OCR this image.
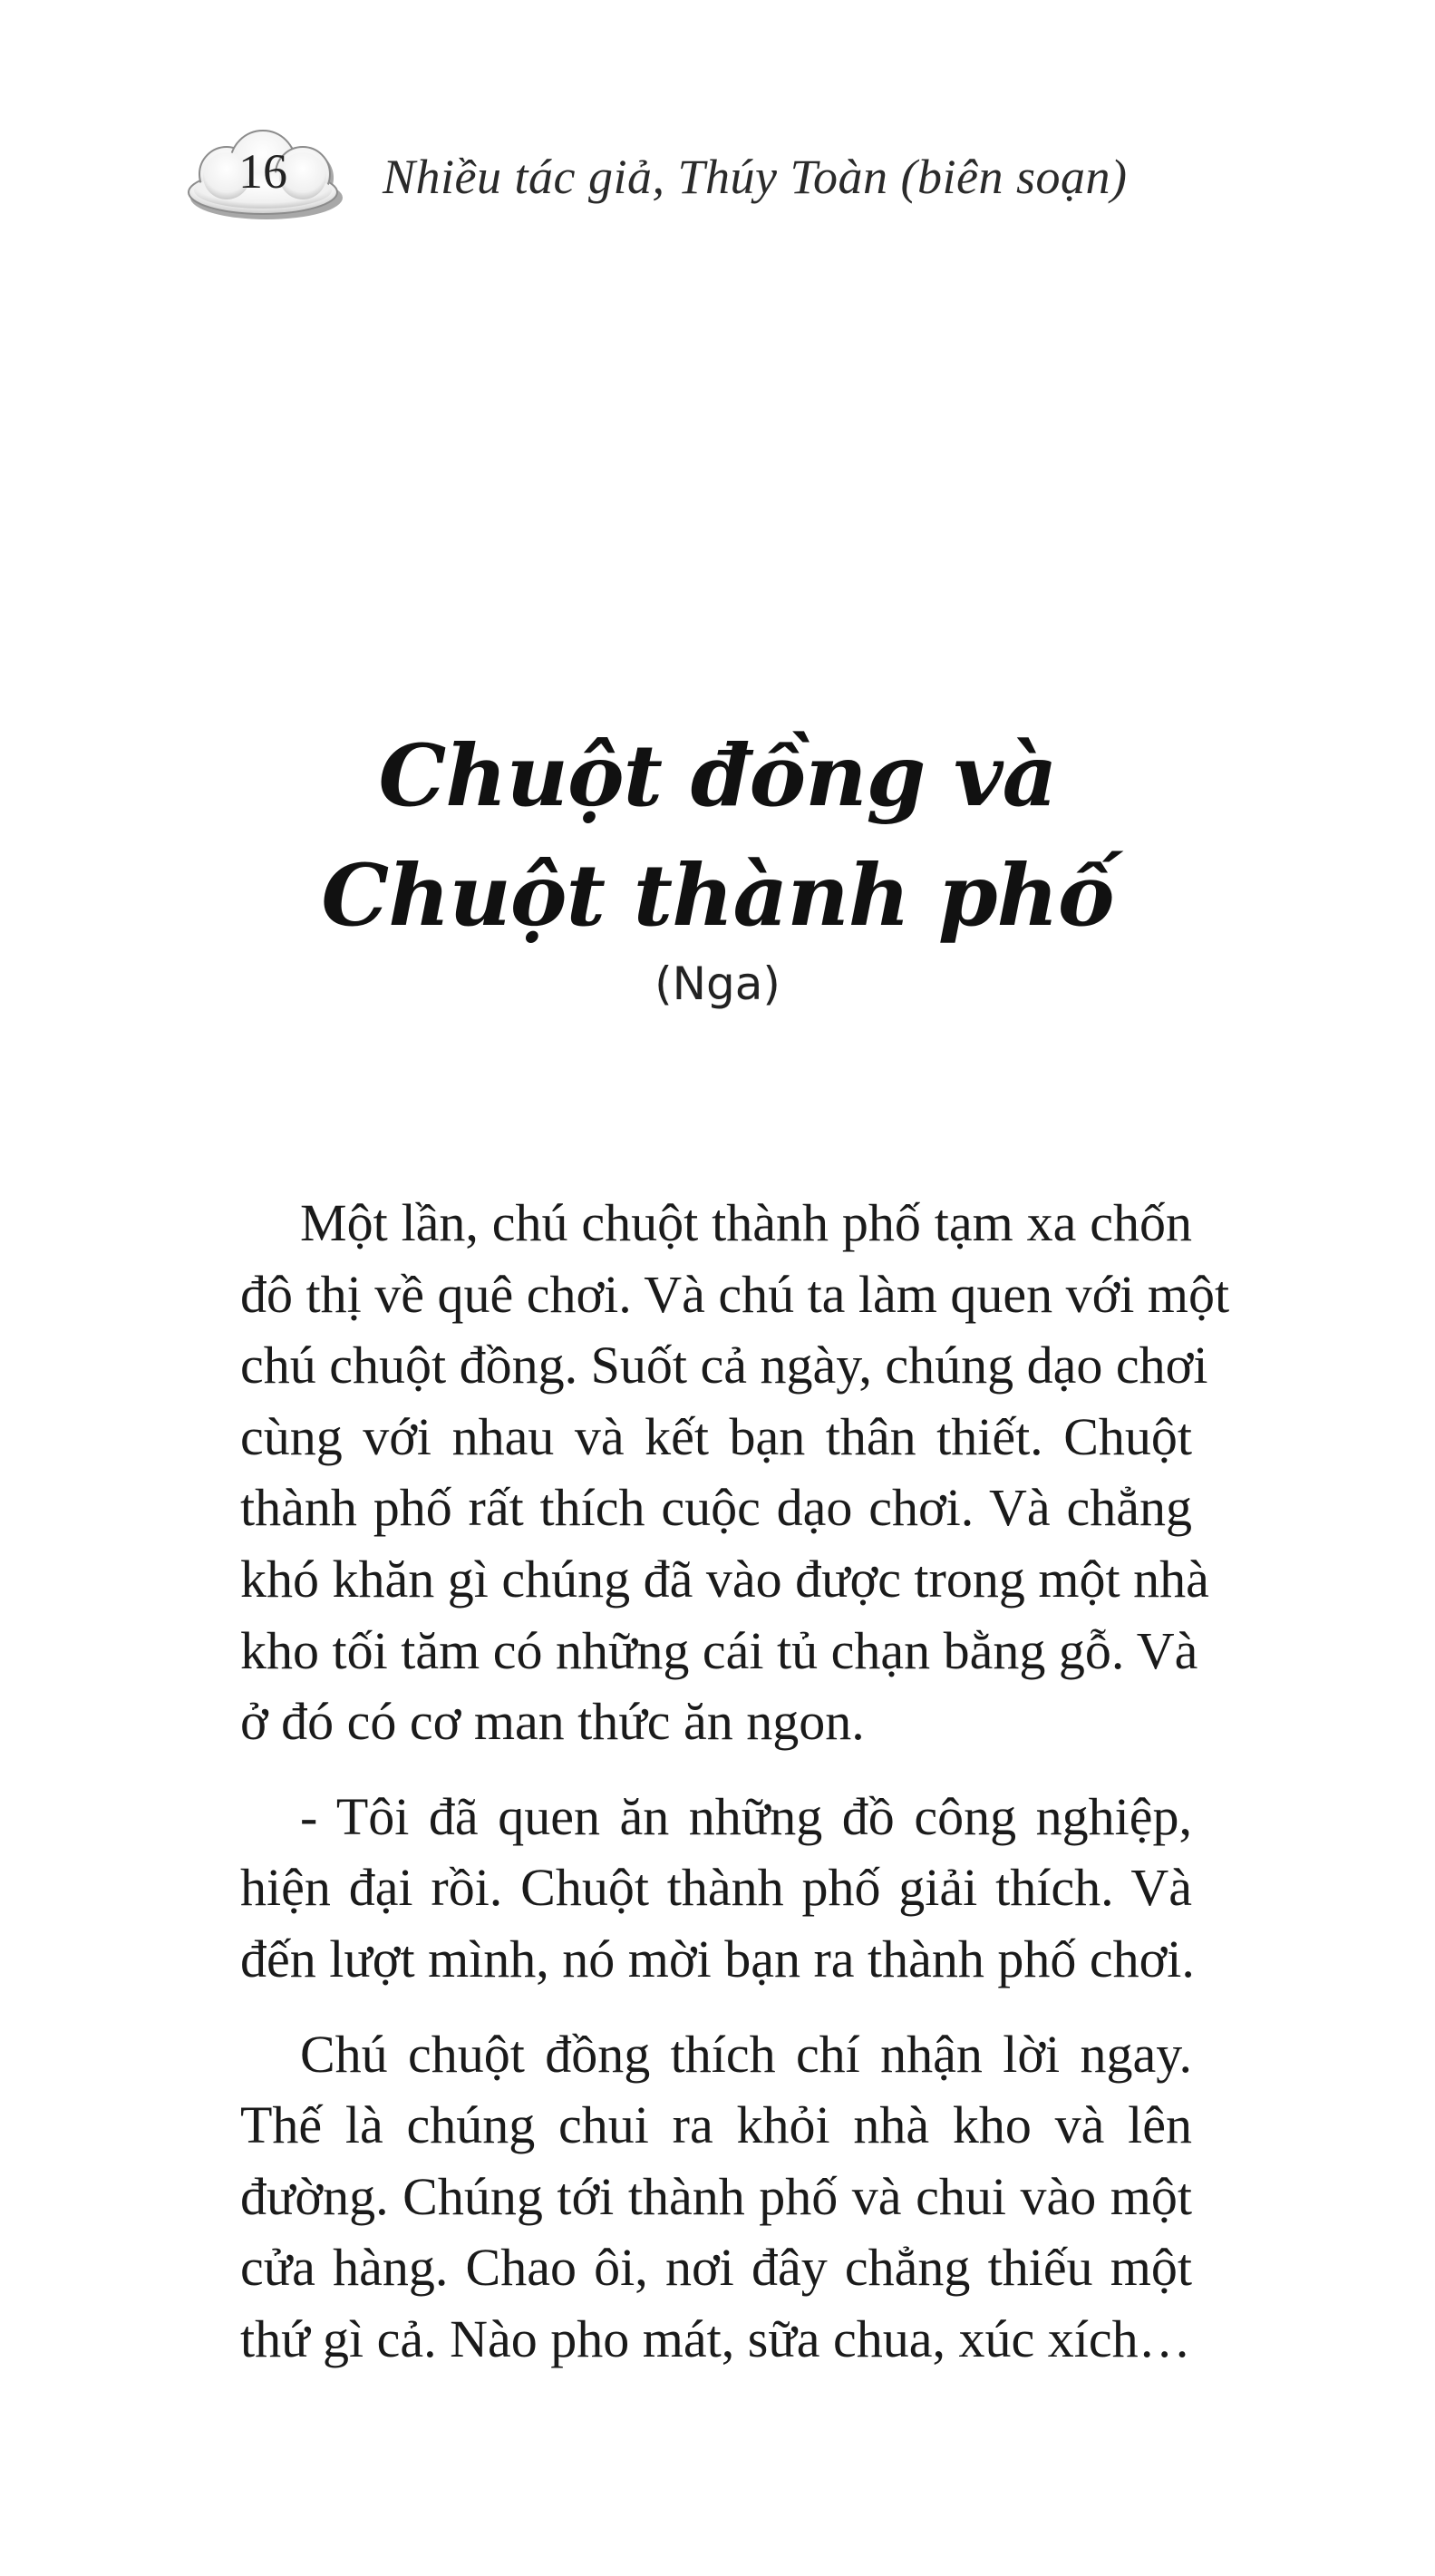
16	Nhiều tác giả, Thúy Toàn (biên soạn)
Chuột đồng và
Chuột thành phố
(Nga)
Một lần, chú chuột thành phố tạm xa chốn
đô thị về quê chơi. Và chú ta làm quen với một
chú chuột đồng. Suốt cả ngày, chúng dạo chơi
cùng với nhau và kết bạn thân thiết. Chuột
thành phố rất thích cuộc dạo chơi. Và chẳng
khó khăn gì chúng đã vào được trong một nhà
kho tối tăm có những cái tủ chạn bằng gỗ. Và
ở đó có cơ man thức ăn ngon.
- Tôi đã quen ăn những đồ công nghiệp,
hiện đại rồi. Chuột thành phố giải thích. Và
đến lượt mình, nó mời bạn ra thành phố chơi.
Chú chuột đồng thích chí nhận lời ngay.
Thế là chúng chui ra khỏi nhà kho và lên
đường. Chúng tới thành phố và chui vào một
cửa hàng. Chao ôi, nơi đây chẳng thiếu một
thứ gì cả. Nào pho mát, sữa chua, xúc xích…
